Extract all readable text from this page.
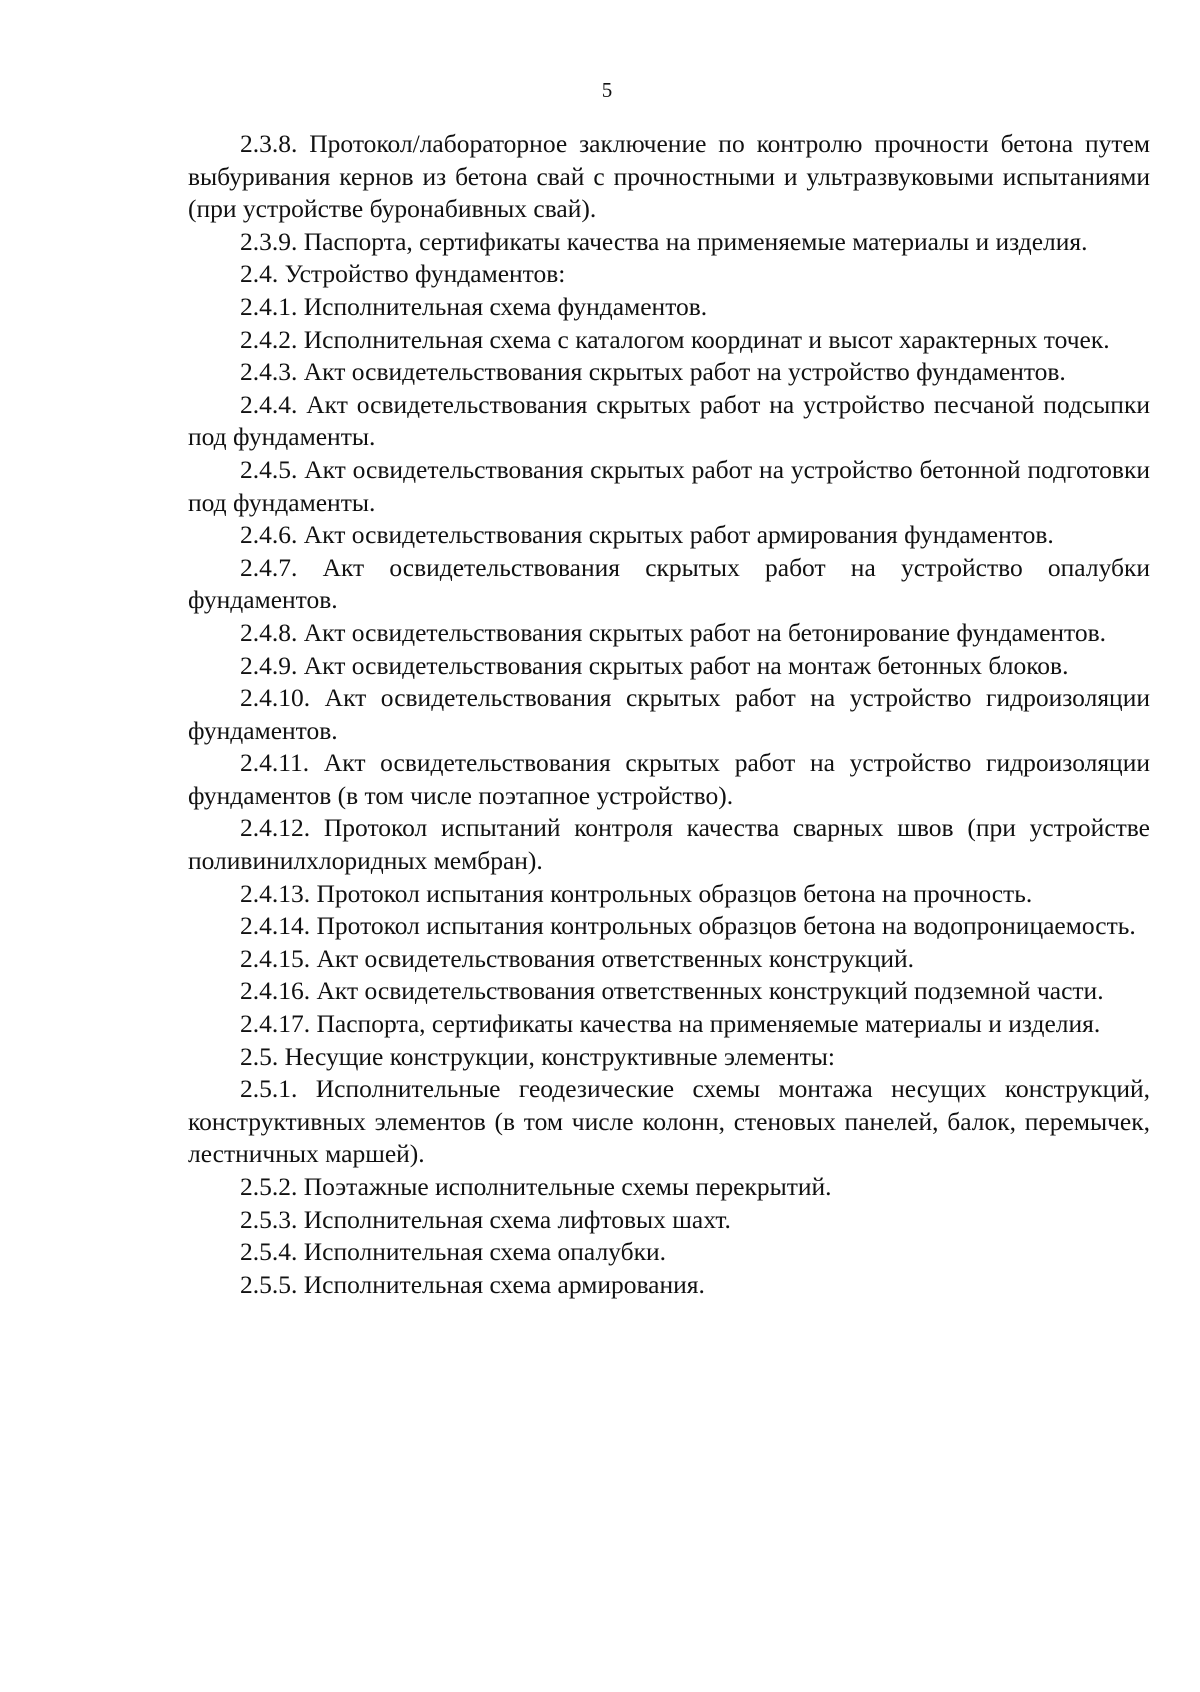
5

2.3.8. Протокол/лабораторное заключение по контролю прочности бетона путем выбуривания кернов из бетона свай с прочностными и ультразвуковыми испытаниями (при устройстве буронабивных свай).

2.3.9. Паспорта, сертификаты качества на применяемые материалы и изделия.

2.4. Устройство фундаментов:

2.4.1. Исполнительная схема фундаментов.

2.4.2. Исполнительная схема с каталогом координат и высот характерных точек.

2.4.3. Акт освидетельствования скрытых работ на устройство фундаментов.

2.4.4. Акт освидетельствования скрытых работ на устройство песчаной подсыпки под фундаменты.

2.4.5. Акт освидетельствования скрытых работ на устройство бетонной подготовки под фундаменты.

2.4.6. Акт освидетельствования скрытых работ армирования фундаментов.

2.4.7. Акт освидетельствования скрытых работ на устройство опалубки фундаментов.

2.4.8. Акт освидетельствования скрытых работ на бетонирование фундаментов.

2.4.9. Акт освидетельствования скрытых работ на монтаж бетонных блоков.

2.4.10. Акт освидетельствования скрытых работ на устройство гидроизоляции фундаментов.

2.4.11. Акт освидетельствования скрытых работ на устройство гидроизоляции фундаментов (в том числе поэтапное устройство).

2.4.12. Протокол испытаний контроля качества сварных швов (при устройстве поливинилхлоридных мембран).

2.4.13. Протокол испытания контрольных образцов бетона на прочность.

2.4.14. Протокол испытания контрольных образцов бетона на водопроницаемость.

2.4.15. Акт освидетельствования ответственных конструкций.

2.4.16. Акт освидетельствования ответственных конструкций подземной части.

2.4.17. Паспорта, сертификаты качества на применяемые материалы и изделия.

2.5. Несущие конструкции, конструктивные элементы:

2.5.1. Исполнительные геодезические схемы монтажа несущих конструкций, конструктивных элементов (в том числе колонн, стеновых панелей, балок, перемычек, лестничных маршей).

2.5.2. Поэтажные исполнительные схемы перекрытий.

2.5.3. Исполнительная схема лифтовых шахт.

2.5.4. Исполнительная схема опалубки.

2.5.5. Исполнительная схема армирования.
